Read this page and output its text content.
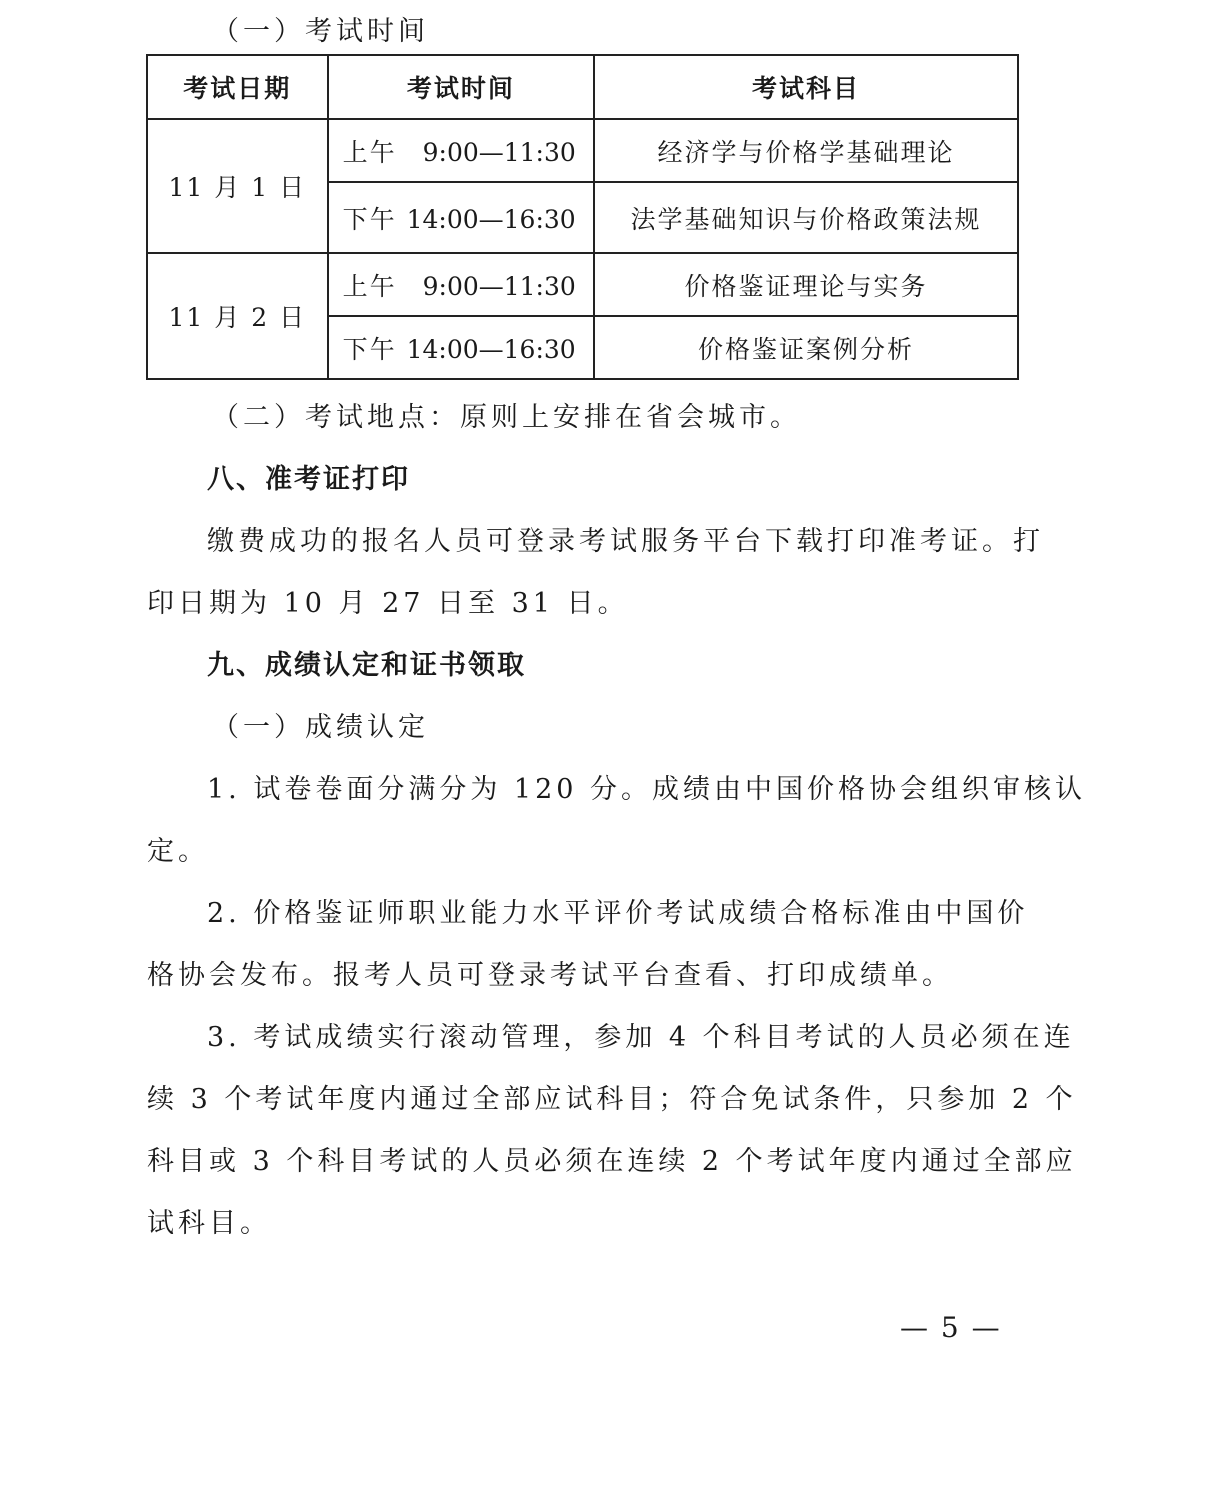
（一）考试时间
考试日期	考试时间	考试科目
11 月 1 日	上午 9:00—11:30	经济学与价格学基础理论
	下午 14:00—16:30	法学基础知识与价格政策法规
11 月 2 日	上午 9:00—11:30	价格鉴证理论与实务
	下午 14:00—16:30	价格鉴证案例分析
（二）考试地点：原则上安排在省会城市。
八、准考证打印
缴费成功的报名人员可登录考试服务平台下载打印准考证。打
印日期为 10 月 27 日至 31 日。
九、成绩认定和证书领取
（一）成绩认定
1. 试卷卷面分满分为 120 分。成绩由中国价格协会组织审核认
定。
2. 价格鉴证师职业能力水平评价考试成绩合格标准由中国价
格协会发布。报考人员可登录考试平台查看、打印成绩单。
3. 考试成绩实行滚动管理，参加 4 个科目考试的人员必须在连
续 3 个考试年度内通过全部应试科目；符合免试条件，只参加 2 个
科目或 3 个科目考试的人员必须在连续 2 个考试年度内通过全部应
试科目。
— 5 —
